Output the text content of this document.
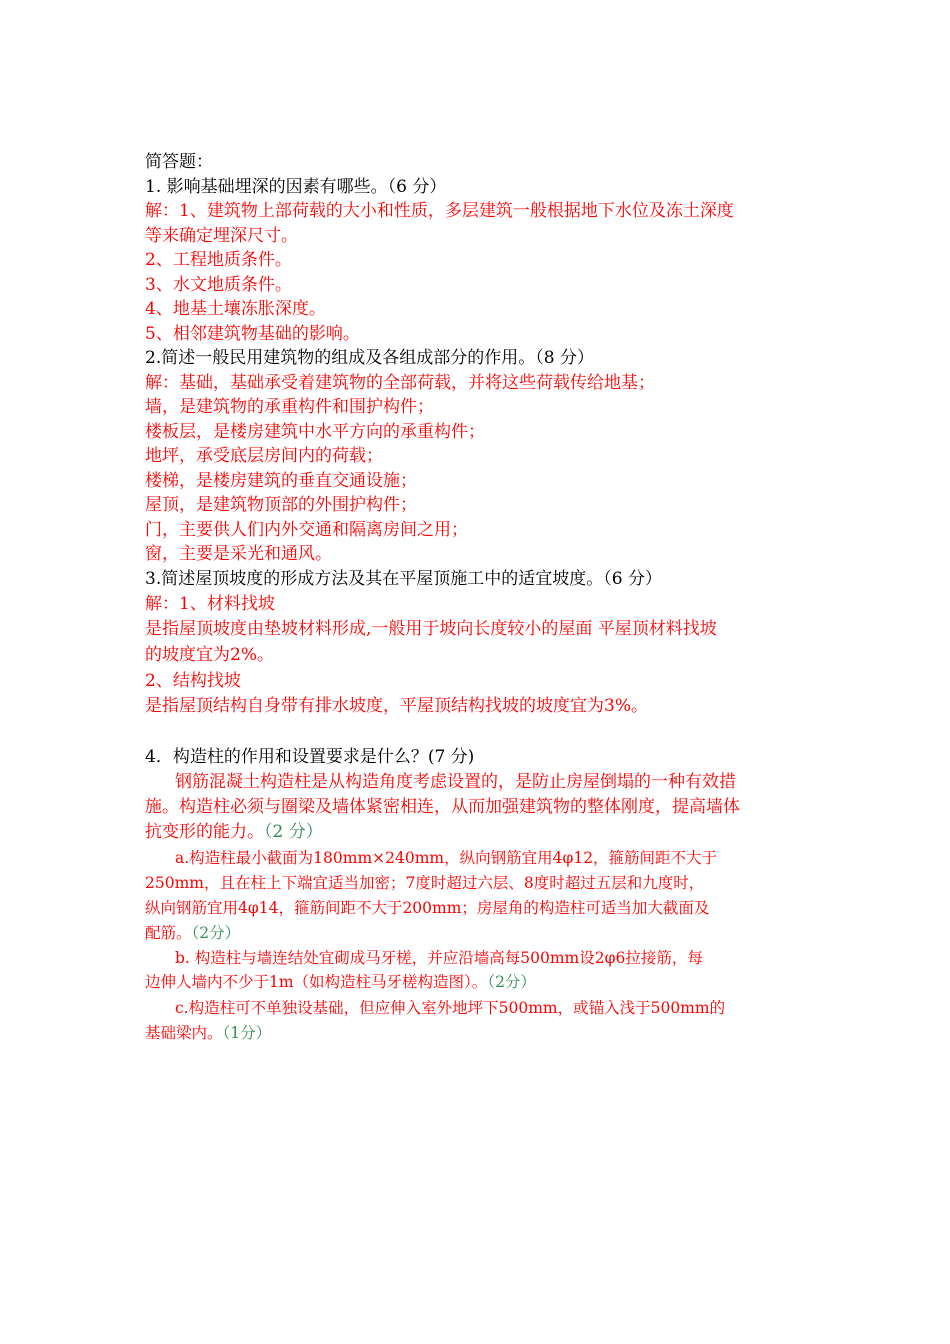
简答题：
1. 影响基础埋深的因素有哪些。（6 分）
解：1、建筑物上部荷载的大小和性质，多层建筑一般根据地下水位及冻土深度
等来确定埋深尺寸。
2、工程地质条件。
3、水文地质条件。
4、地基土壤冻胀深度。
5、相邻建筑物基础的影响。
2.简述一般民用建筑物的组成及各组成部分的作用。（8 分）
解：基础，基础承受着建筑物的全部荷载，并将这些荷载传给地基；
墙，是建筑物的承重构件和围护构件；
楼板层，是楼房建筑中水平方向的承重构件；
地坪，承受底层房间内的荷载；
楼梯，是楼房建筑的垂直交通设施；
屋顶，是建筑物顶部的外围护构件；
门，主要供人们内外交通和隔离房间之用；
窗，主要是采光和通风。
3.简述屋顶坡度的形成方法及其在平屋顶施工中的适宜坡度。（6 分）
解：1、材料找坡
是指屋顶坡度由垫坡材料形成,一般用于坡向长度较小的屋面 平屋顶材料找坡
的坡度宜为2%。
2、结构找坡
是指屋顶结构自身带有排水坡度，平屋顶结构找坡的坡度宜为3%。
4．构造柱的作用和设置要求是什么？(7 分)
钢筋混凝土构造柱是从构造角度考虑设置的，是防止房屋倒塌的一种有效措
施。构造柱必须与圈梁及墙体紧密相连，从而加强建筑物的整体刚度，提高墙体
抗变形的能力。（2 分）
a.构造柱最小截面为180mm×240mm，纵向钢筋宜用4φ12，箍筋间距不大于
250mm，且在柱上下端宜适当加密；7度时超过六层、8度时超过五层和九度时，
纵向钢筋宜用4φ14，箍筋间距不大于200mm；房屋角的构造柱可适当加大截面及
配筋。（2分）
b. 构造柱与墙连结处宜砌成马牙槎，并应沿墙高每500mm设2φ6拉接筋，每
边伸人墙内不少于1m（如构造柱马牙槎构造图）。（2分）
c.构造柱可不单独设基础，但应伸入室外地坪下500mm，或锚入浅于500mm的
基础梁内。（1分）
